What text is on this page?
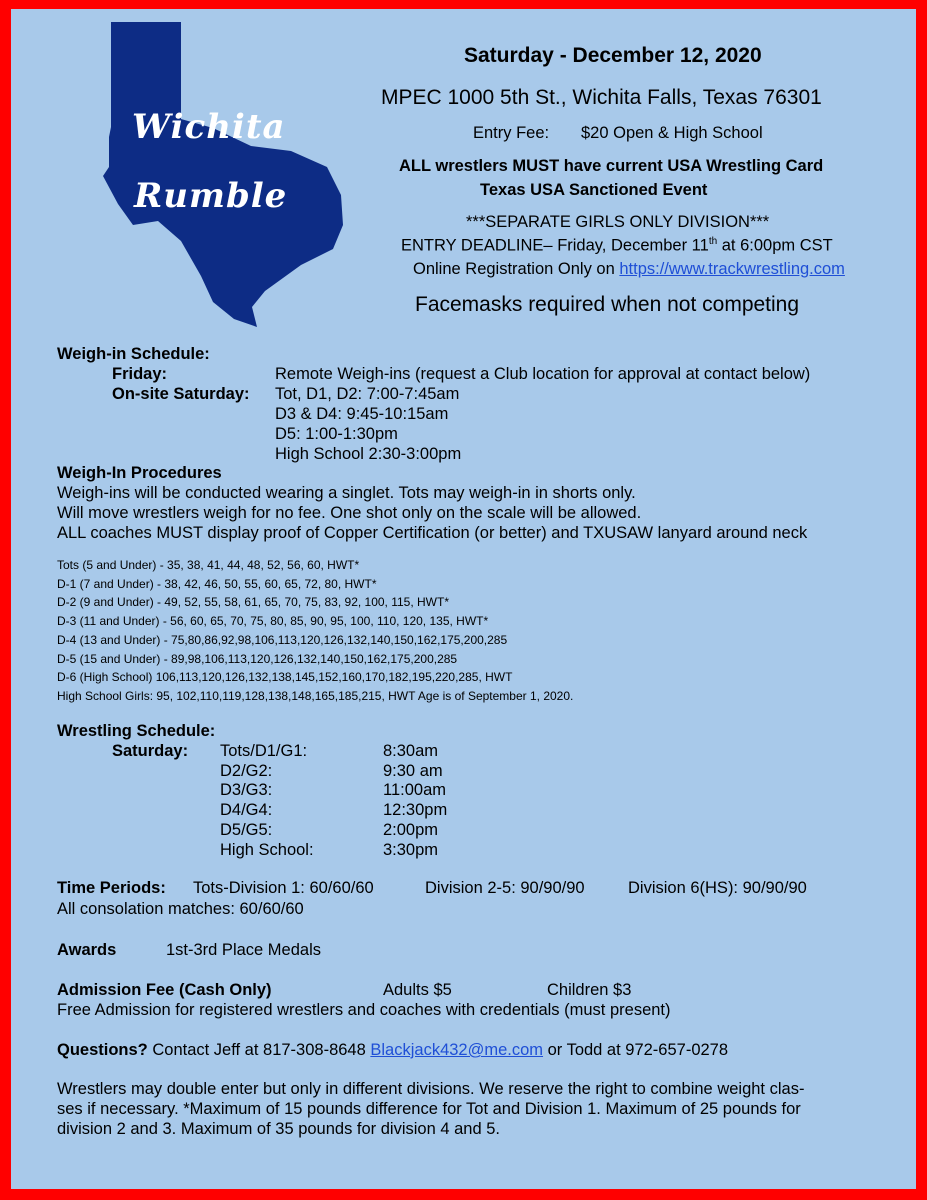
Wichita
Rumble
Saturday - December 12, 2020
MPEC 1000 5th St., Wichita Falls, Texas 76301
Entry Fee: $20 Open & High School
ALL wrestlers MUST have current USA Wrestling Card
Texas USA Sanctioned Event
***SEPARATE GIRLS ONLY DIVISION***
ENTRY DEADLINE– Friday, December 11th at 6:00pm CST
Online Registration Only on https://www.trackwrestling.com
Facemasks required when not competing
Weigh-in Schedule:
Friday:	Remote Weigh-ins (request a Club location for approval at contact below)
On-site Saturday: Tot, D1, D2: 7:00-7:45am
D3 & D4: 9:45-10:15am
D5: 1:00-1:30pm
High School 2:30-3:00pm
Weigh-In Procedures
Weigh-ins will be conducted wearing a singlet. Tots may weigh-in in shorts only.
Will move wrestlers weigh for no fee. One shot only on the scale will be allowed.
ALL coaches MUST display proof of Copper Certification (or better) and TXUSAW lanyard around neck
Tots (5 and Under) - 35, 38, 41, 44, 48, 52, 56, 60, HWT*
D-1 (7 and Under) - 38, 42, 46, 50, 55, 60, 65, 72, 80, HWT*
D-2 (9 and Under) - 49, 52, 55, 58, 61, 65, 70, 75, 83, 92, 100, 115, HWT*
D-3 (11 and Under) - 56, 60, 65, 70, 75, 80, 85, 90, 95, 100, 110, 120, 135, HWT*
D-4 (13 and Under) - 75,80,86,92,98,106,113,120,126,132,140,150,162,175,200,285
D-5 (15 and Under) - 89,98,106,113,120,126,132,140,150,162,175,200,285
D-6 (High School) 106,113,120,126,132,138,145,152,160,170,182,195,220,285, HWT
High School Girls: 95, 102,110,119,128,138,148,165,185,215, HWT Age is of September 1, 2020.
Wrestling Schedule:
Saturday: Tots/D1/G1:	8:30am
D2/G2:	9:30 am
D3/G3:	11:00am
D4/G4:	12:30pm
D5/G5:	2:00pm
High School:	3:30pm
Time Periods: Tots-Division 1: 60/60/60	Division 2-5: 90/90/90	Division 6(HS): 90/90/90
All consolation matches: 60/60/60
Awards	1st-3rd Place Medals
Admission Fee (Cash Only)	Adults $5	Children $3
Free Admission for registered wrestlers and coaches with credentials (must present)
Questions? Contact Jeff at 817-308-8648 Blackjack432@me.com or Todd at 972-657-0278
Wrestlers may double enter but only in different divisions. We reserve the right to combine weight clas-
ses if necessary. *Maximum of 15 pounds difference for Tot and Division 1. Maximum of 25 pounds for
division 2 and 3. Maximum of 35 pounds for division 4 and 5.
